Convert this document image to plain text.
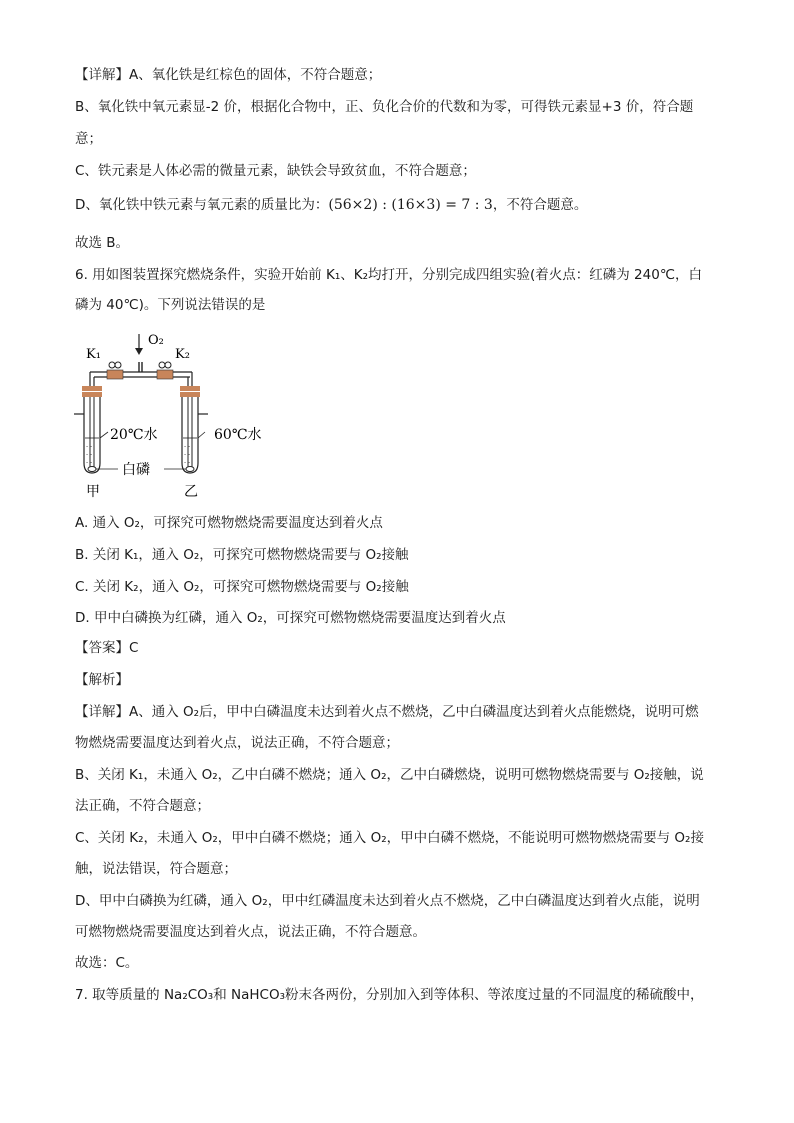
【详解】A、氧化铁是红棕色的固体，不符合题意；
B、氧化铁中氧元素显-2 价，根据化合物中，正、负化合价的代数和为零，可得铁元素显+3 价，符合题
意；
C、铁元素是人体必需的微量元素，缺铁会导致贫血，不符合题意；
D、氧化铁中铁元素与氧元素的质量比为：(56×2) : (16×3) = 7 : 3，不符合题意。
故选 B。
6. 用如图装置探究燃烧条件，实验开始前 K₁、K₂均打开，分别完成四组实验(着火点：红磷为 240℃，白
磷为 40℃)。下列说法错误的是
O₂
K₁	K₂
- -
- -
- -
- -
- -
- -
20℃水	60℃水
白磷
甲	乙
A. 通入 O₂，可探究可燃物燃烧需要温度达到着火点
B. 关闭 K₁，通入 O₂，可探究可燃物燃烧需要与 O₂接触
C. 关闭 K₂，通入 O₂，可探究可燃物燃烧需要与 O₂接触
D. 甲中白磷换为红磷，通入 O₂，可探究可燃物燃烧需要温度达到着火点
【答案】C
【解析】
【详解】A、通入 O₂后，甲中白磷温度未达到着火点不燃烧，乙中白磷温度达到着火点能燃烧，说明可燃
物燃烧需要温度达到着火点，说法正确，不符合题意；
B、关闭 K₁，未通入 O₂，乙中白磷不燃烧；通入 O₂，乙中白磷燃烧，说明可燃物燃烧需要与 O₂接触，说
法正确，不符合题意；
C、关闭 K₂，未通入 O₂，甲中白磷不燃烧；通入 O₂，甲中白磷不燃烧，不能说明可燃物燃烧需要与 O₂接
触，说法错误，符合题意；
D、甲中白磷换为红磷，通入 O₂，甲中红磷温度未达到着火点不燃烧，乙中白磷温度达到着火点能，说明
可燃物燃烧需要温度达到着火点，说法正确，不符合题意。
故选：C。
7. 取等质量的 Na₂CO₃和 NaHCO₃粉末各两份，分别加入到等体积、等浓度过量的不同温度的稀硫酸中，
